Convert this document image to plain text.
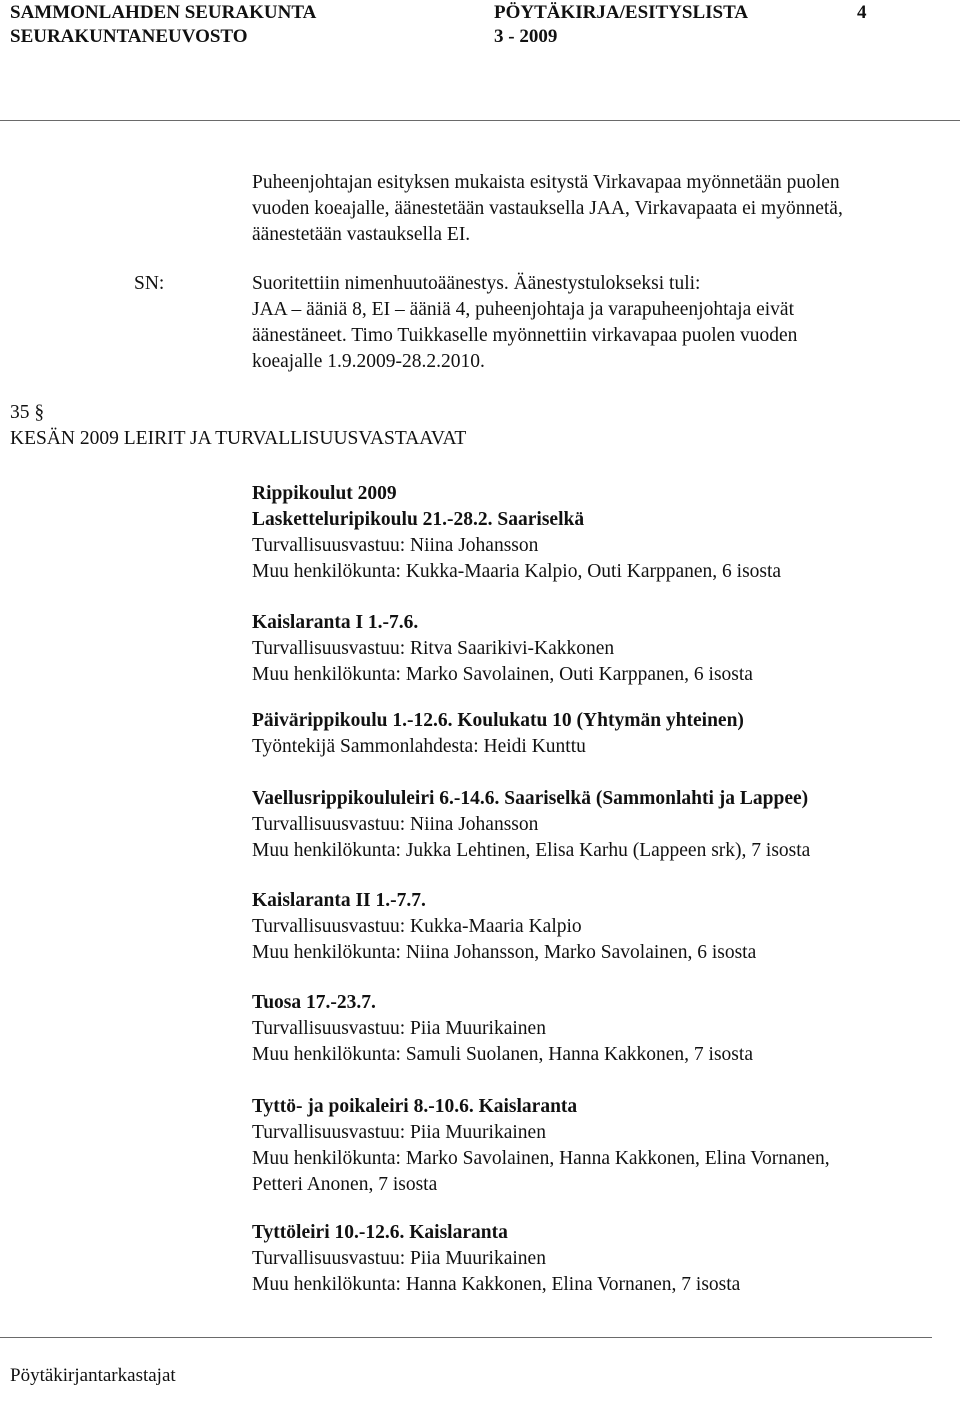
SAMMONLAHDEN SEURAKUNTA
SEURAKUNTANEUVOSTO
PÖYTÄKIRJA/ESITYSLISTA
3 - 2009
4
Puheenjohtajan esityksen mukaista esitystä Virkavapaa myönnetään puolen
vuoden koeajalle, äänestetään vastauksella JAA, Virkavapaata ei myönnetä,
äänestetään vastauksella EI.
SN:	Suoritettiin nimenhuutoäänestys. Äänestystulokseksi tuli:
JAA – ääniä 8, EI – ääniä 4, puheenjohtaja ja varapuheenjohtaja eivät
äänestäneet. Timo Tuikkaselle myönnettiin virkavapaa puolen vuoden
koeajalle 1.9.2009-28.2.2010.
35 §
KESÄN 2009 LEIRIT JA TURVALLISUUSVASTAAVAT
Rippikoulut 2009
Lasketteluripikoulu 21.-28.2. Saariselkä
Turvallisuusvastuu: Niina Johansson
Muu henkilökunta: Kukka-Maaria Kalpio, Outi Karppanen, 6 isosta
Kaislaranta I 1.-7.6.
Turvallisuusvastuu: Ritva Saarikivi-Kakkonen
Muu henkilökunta: Marko Savolainen, Outi Karppanen, 6 isosta
Päivärippikoulu 1.-12.6. Koulukatu 10 (Yhtymän yhteinen)
Työntekijä Sammonlahdesta: Heidi Kunttu
Vaellusrippikoululeiri 6.-14.6. Saariselkä (Sammonlahti ja Lappee)
Turvallisuusvastuu: Niina Johansson
Muu henkilökunta: Jukka Lehtinen, Elisa Karhu (Lappeen srk), 7 isosta
Kaislaranta II 1.-7.7.
Turvallisuusvastuu: Kukka-Maaria Kalpio
Muu henkilökunta: Niina Johansson, Marko Savolainen, 6 isosta
Tuosa 17.-23.7.
Turvallisuusvastuu: Piia Muurikainen
Muu henkilökunta: Samuli Suolanen, Hanna Kakkonen, 7 isosta
Tyttö- ja poikaleiri 8.-10.6. Kaislaranta
Turvallisuusvastuu: Piia Muurikainen
Muu henkilökunta: Marko Savolainen, Hanna Kakkonen, Elina Vornanen,
Petteri Anonen, 7 isosta
Tyttöleiri 10.-12.6. Kaislaranta
Turvallisuusvastuu: Piia Muurikainen
Muu henkilökunta: Hanna Kakkonen, Elina Vornanen, 7 isosta
Pöytäkirjantarkastajat
